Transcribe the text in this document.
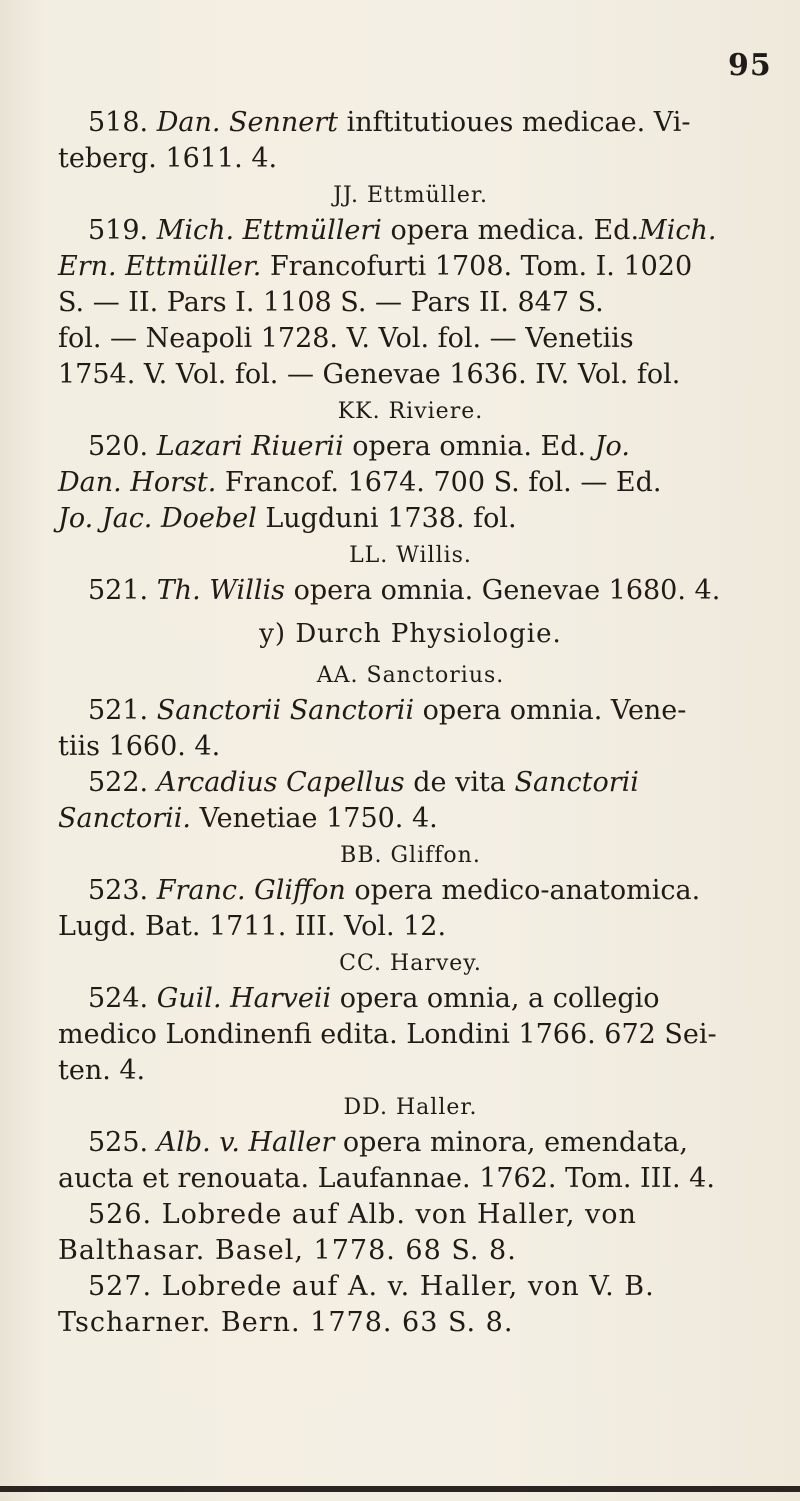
95
518. Dan. Sennert inftitutioues medicae. Vi-
teberg. 1611. 4.
JJ. Ettmüller.
519. Mich. Ettmülleri opera medica. Ed.Mich.
Ern. Ettmüller. Francofurti 1708. Tom. I. 1020
S. — II. Pars I. 1108 S. — Pars II. 847 S.
fol. — Neapoli 1728. V. Vol. fol. — Venetiis
1754. V. Vol. fol. — Genevae 1636. IV. Vol. fol.
KK. Riviere.
520. Lazari Riuerii opera omnia. Ed. Jo.
Dan. Horst. Francof. 1674. 700 S. fol. — Ed.
Jo. Jac. Doebel Lugduni 1738. fol.
LL. Willis.
521. Th. Willis opera omnia. Genevae 1680. 4.
y) Durch Physiologie.
AA. Sanctorius.
521. Sanctorii Sanctorii opera omnia. Vene-
tiis 1660. 4.
522. Arcadius Capellus de vita Sanctorii
Sanctorii. Venetiae 1750. 4.
BB. Gliffon.
523. Franc. Gliffon opera medico-anatomica.
Lugd. Bat. 1711. III. Vol. 12.
CC. Harvey.
524. Guil. Harveii opera omnia, a collegio
medico Londinenfi edita. Londini 1766. 672 Sei-
ten. 4.
DD. Haller.
525. Alb. v. Haller opera minora, emendata,
aucta et renouata. Laufannae. 1762. Tom. III. 4.
526. Lobrede auf Alb. von Haller, von
Balthasar. Basel, 1778. 68 S. 8.
527. Lobrede auf A. v. Haller, von V. B.
Tscharner. Bern. 1778. 63 S. 8.
